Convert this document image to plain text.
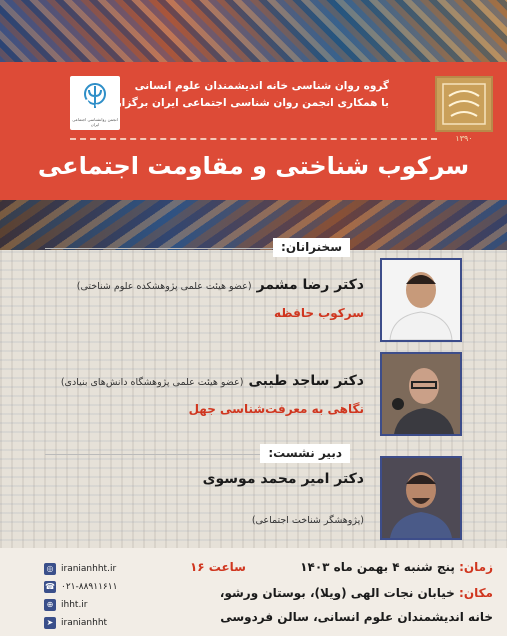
۱۳۹۰
انجمن روانشناسی اجتماعی ایران
گروه روان شناسی خانه اندیشمندان علوم انسانی
با همکاری انجمن روان شناسی اجتماعی ایران برگزار می کند:
سرکوب شناختی و مقاومت اجتماعی
سخنرانان:
دکتر رضا مشمر (عضو هیئت علمی پژوهشکده علوم شناختی)
سرکوب حافظه
دکتر ساجد طیبی (عضو هیئت علمی پژوهشگاه دانش‌های بنیادی)
نگاهی به معرفت‌شناسی جهل
دبیر نشست:
دکتر امیر محمد موسوی
(پژوهشگر شناخت اجتماعی)
زمان: پنج شنبه ۴ بهمن ماه ۱۴۰۳ ساعت ۱۶
مکان: خیابان نجات الهی (ویلا)، بوستان ورشو،
خانه اندیشمندان علوم انسانی، سالن فردوسی
◎ iranianhht.ir
☎ ۰۲۱-۸۸۹۱۱۶۱۱
⊕ ihht.ir
➤ iranianhht
